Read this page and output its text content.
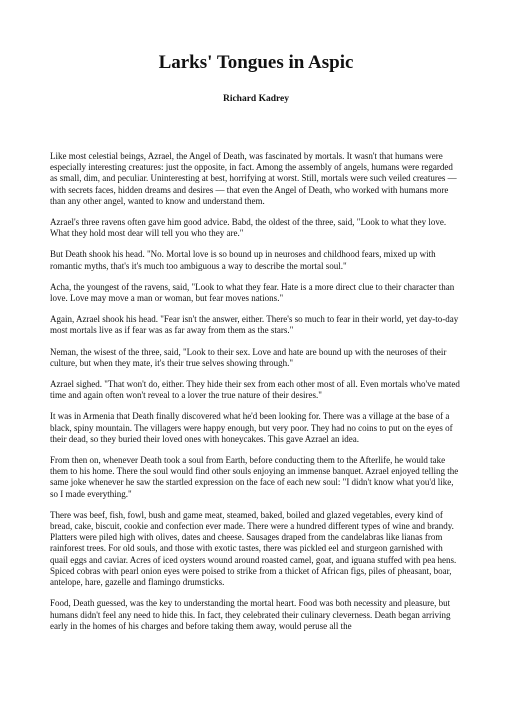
Larks' Tongues in Aspic
Richard Kadrey

Like most celestial beings, Azrael, the Angel of Death, was fascinated by mortals. It wasn't that humans were especially interesting creatures: just the opposite, in fact. Among the assembly of angels, humans were regarded as small, dim, and peculiar. Uninteresting at best, horrifying at worst. Still, mortals were such veiled creatures — with secrets faces, hidden dreams and desires — that even the Angel of Death, who worked with humans more than any other angel, wanted to know and understand them.

Azrael's three ravens often gave him good advice. Babd, the oldest of the three, said, "Look to what they love. What they hold most dear will tell you who they are."

But Death shook his head. "No. Mortal love is so bound up in neuroses and childhood fears, mixed up with romantic myths, that's it's much too ambiguous a way to describe the mortal soul."

Acha, the youngest of the ravens, said, "Look to what they fear. Hate is a more direct clue to their character than love. Love may move a man or woman, but fear moves nations."

Again, Azrael shook his head. "Fear isn't the answer, either. There's so much to fear in their world, yet day-to-day most mortals live as if fear was as far away from them as the stars."

Neman, the wisest of the three, said, "Look to their sex. Love and hate are bound up with the neuroses of their culture, but when they mate, it's their true selves showing through."

Azrael sighed. "That won't do, either. They hide their sex from each other most of all. Even mortals who've mated time and again often won't reveal to a lover the true nature of their desires."

It was in Armenia that Death finally discovered what he'd been looking for. There was a village at the base of a black, spiny mountain. The villagers were happy enough, but very poor. They had no coins to put on the eyes of their dead, so they buried their loved ones with honeycakes. This gave Azrael an idea.

From then on, whenever Death took a soul from Earth, before conducting them to the Afterlife, he would take them to his home. There the soul would find other souls enjoying an immense banquet. Azrael enjoyed telling the same joke whenever he saw the startled expression on the face of each new soul: "I didn't know what you'd like, so I made everything."

There was beef, fish, fowl, bush and game meat, steamed, baked, boiled and glazed vegetables, every kind of bread, cake, biscuit, cookie and confection ever made. There were a hundred different types of wine and brandy. Platters were piled high with olives, dates and cheese. Sausages draped from the candelabras like lianas from rainforest trees. For old souls, and those with exotic tastes, there was pickled eel and sturgeon garnished with quail eggs and caviar. Acres of iced oysters wound around roasted camel, goat, and iguana stuffed with pea hens. Spiced cobras with pearl onion eyes were poised to strike from a thicket of African figs, piles of pheasant, boar, antelope, hare, gazelle and flamingo drumsticks.

Food, Death guessed, was the key to understanding the mortal heart. Food was both necessity and pleasure, but humans didn't feel any need to hide this. In fact, they celebrated their culinary cleverness. Death began arriving early in the homes of his charges and before taking them away, would peruse all the
